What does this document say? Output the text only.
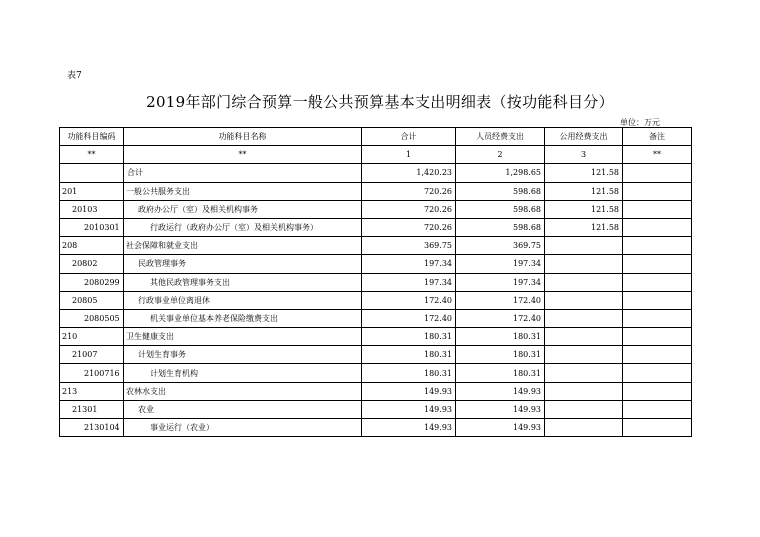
表7
2019年部门综合预算一般公共预算基本支出明细表（按功能科目分）
单位：万元
功能科目编码	功能科目名称	合计	人员经费支出	公用经费支出	备注
**	**	1	2	3	**
	合计	1,420.23	1,298.65	121.58	
201	一般公共服务支出	720.26	598.68	121.58	
20103	政府办公厅（室）及相关机构事务	720.26	598.68	121.58	
2010301	行政运行（政府办公厅（室）及相关机构事务）	720.26	598.68	121.58	
208	社会保障和就业支出	369.75	369.75		
20802	民政管理事务	197.34	197.34		
2080299	其他民政管理事务支出	197.34	197.34		
20805	行政事业单位离退休	172.40	172.40		
2080505	机关事业单位基本养老保险缴费支出	172.40	172.40		
210	卫生健康支出	180.31	180.31		
21007	计划生育事务	180.31	180.31		
2100716	计划生育机构	180.31	180.31		
213	农林水支出	149.93	149.93		
21301	农业	149.93	149.93		
2130104	事业运行（农业）	149.93	149.93		
